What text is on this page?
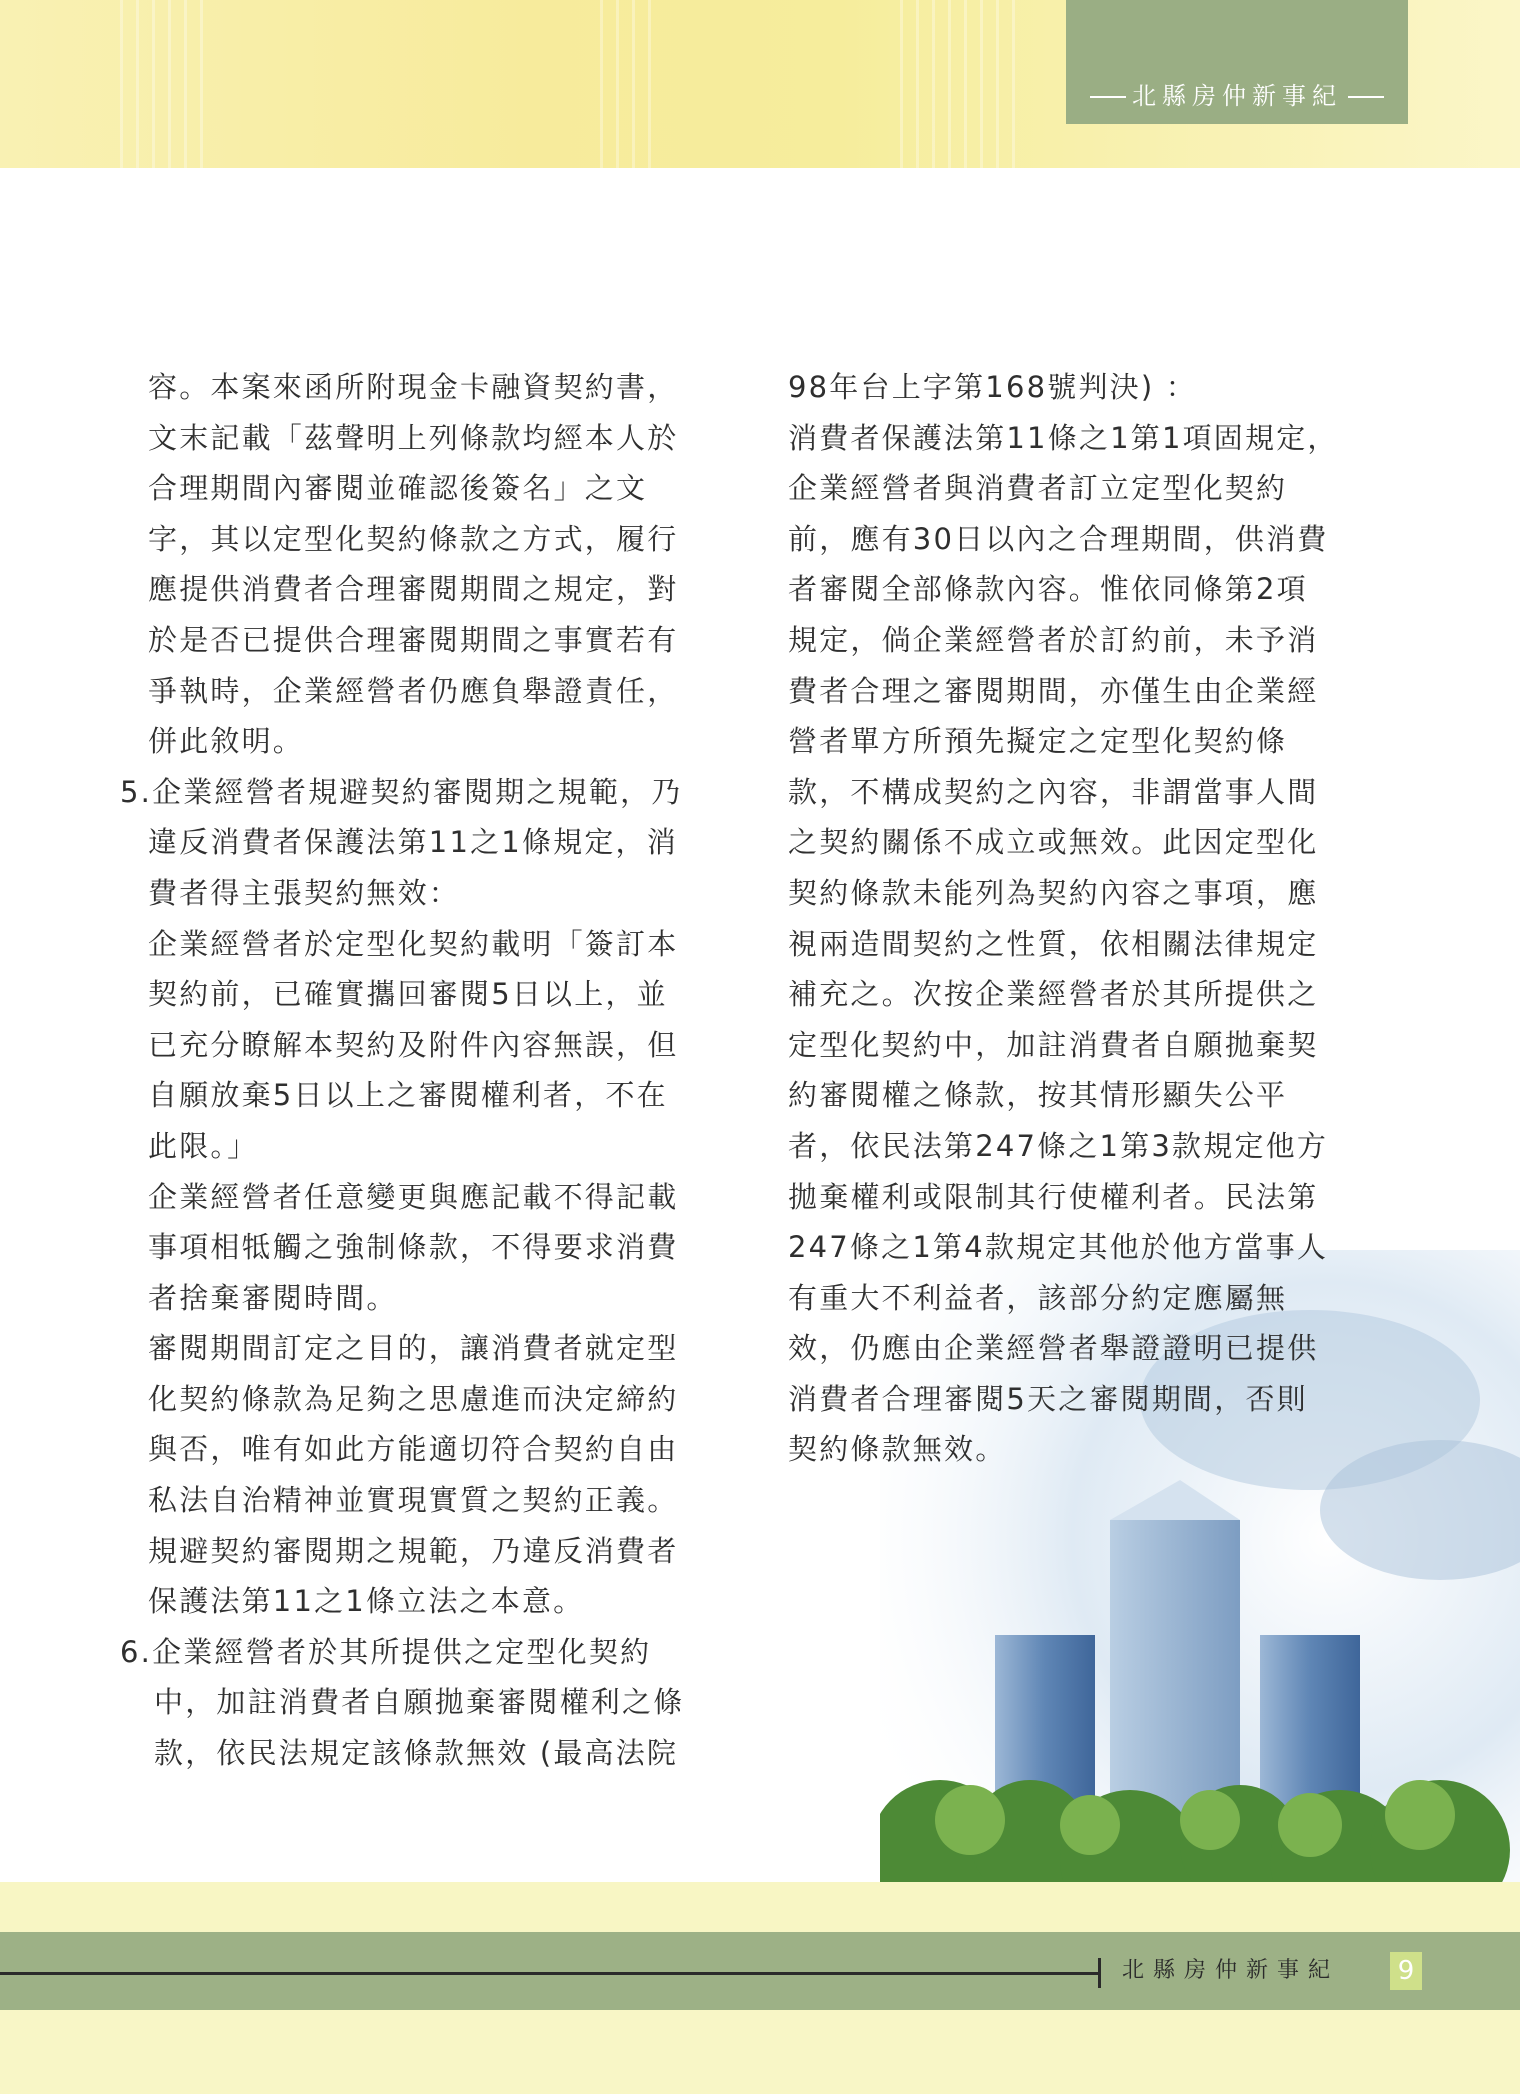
北縣房仲新事紀
容。本案來函所附現金卡融資契約書，
文末記載「茲聲明上列條款均經本人於
合理期間內審閱並確認後簽名」之文
字，其以定型化契約條款之方式，履行
應提供消費者合理審閱期間之規定，對
於是否已提供合理審閱期間之事實若有
爭執時，企業經營者仍應負舉證責任，
併此敘明。
5.企業經營者規避契約審閱期之規範，乃
違反消費者保護法第11之1條規定，消
費者得主張契約無效：
企業經營者於定型化契約載明「簽訂本
契約前，已確實攜回審閱5日以上，並
已充分瞭解本契約及附件內容無誤，但
自願放棄5日以上之審閱權利者，不在
此限。」
企業經營者任意變更與應記載不得記載
事項相牴觸之強制條款，不得要求消費
者捨棄審閱時間。
審閱期間訂定之目的，讓消費者就定型
化契約條款為足夠之思慮進而決定締約
與否，唯有如此方能適切符合契約自由
私法自治精神並實現實質之契約正義。
規避契約審閱期之規範，乃違反消費者
保護法第11之1條立法之本意。
6.企業經營者於其所提供之定型化契約
中，加註消費者自願拋棄審閱權利之條
款，依民法規定該條款無效 (最高法院
98年台上字第168號判決) ：
消費者保護法第11條之1第1項固規定，
企業經營者與消費者訂立定型化契約
前，應有30日以內之合理期間，供消費
者審閱全部條款內容。惟依同條第2項
規定，倘企業經營者於訂約前，未予消
費者合理之審閱期間，亦僅生由企業經
營者單方所預先擬定之定型化契約條
款，不構成契約之內容，非謂當事人間
之契約關係不成立或無效。此因定型化
契約條款未能列為契約內容之事項，應
視兩造間契約之性質，依相關法律規定
補充之。次按企業經營者於其所提供之
定型化契約中，加註消費者自願拋棄契
約審閱權之條款，按其情形顯失公平
者，依民法第247條之1第3款規定他方
拋棄權利或限制其行使權利者。民法第
247條之1第4款規定其他於他方當事人
有重大不利益者，該部分約定應屬無
效，仍應由企業經營者舉證證明已提供
消費者合理審閱5天之審閱期間，否則
契約條款無效。
北縣房仲新事紀 9
